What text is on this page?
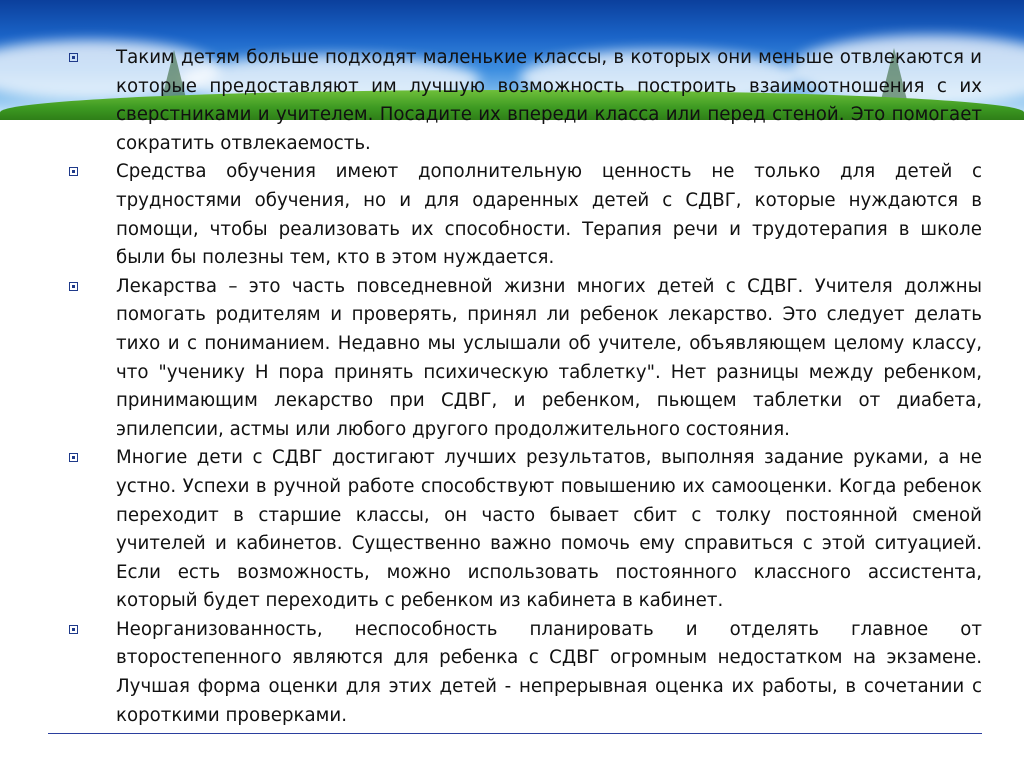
Таким детям больше подходят маленькие классы, в которых они меньше отвлекаются и которые предоставляют им лучшую возможность построить взаимоотношения с их сверстниками и учителем. Посадите их впереди класса или перед стеной. Это помогает сократить отвлекаемость.

Средства обучения имеют дополнительную ценность не только для детей с трудностями обучения, но и для одаренных детей с СДВГ, которые нуждаются в помощи, чтобы реализовать их способности. Терапия речи и трудотерапия в школе были бы полезны тем, кто в этом нуждается.

Лекарства – это часть повседневной жизни многих детей с СДВГ. Учителя должны помогать родителям и проверять, принял ли ребенок лекарство. Это следует делать тихо и с пониманием. Недавно мы услышали об учителе, объявляющем целому классу, что "ученику Н пора принять психическую таблетку". Нет разницы между ребенком, принимающим лекарство при СДВГ, и ребенком, пьющем таблетки от диабета, эпилепсии, астмы или любого другого продолжительного состояния.

Многие дети с СДВГ достигают лучших результатов, выполняя задание руками, а не устно. Успехи в ручной работе способствуют повышению их самооценки. Когда ребенок переходит в старшие классы, он часто бывает сбит с толку постоянной сменой учителей и кабинетов. Существенно важно помочь ему справиться с этой ситуацией. Если есть возможность, можно использовать постоянного классного ассистента, который будет переходить с ребенком из кабинета в кабинет.

Неорганизованность, неспособность планировать и отделять главное от второстепенного являются для ребенка с СДВГ огромным недостатком на экзамене. Лучшая форма оценки для этих детей - непрерывная оценка их работы, в сочетании с короткими проверками.
